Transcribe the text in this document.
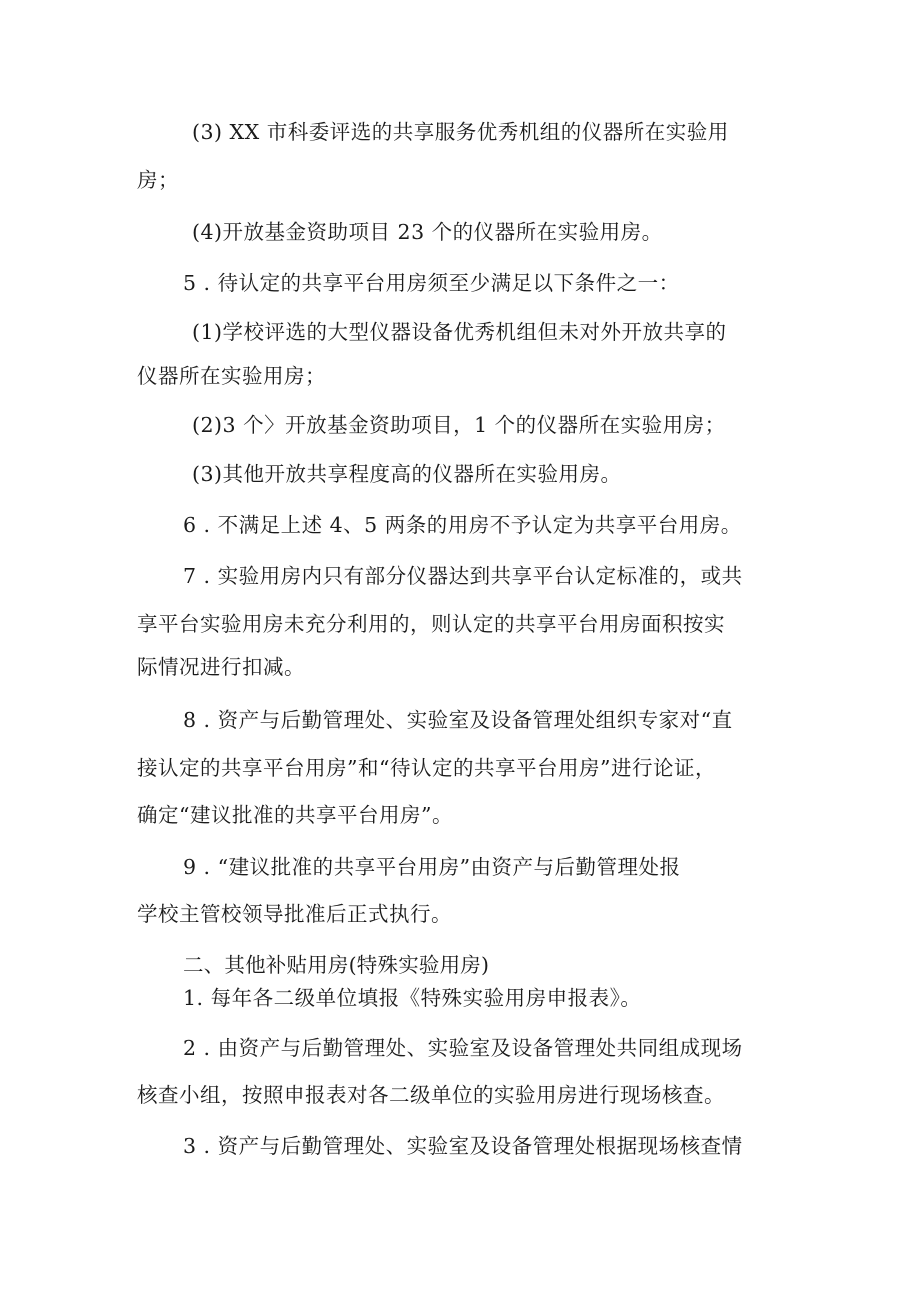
(3) XX 市科委评选的共享服务优秀机组的仪器所在实验用
房；
(4)开放基金资助项目 23 个的仪器所在实验用房。
5 . 待认定的共享平台用房须至少满足以下条件之一：
(1)学校评选的大型仪器设备优秀机组但未对外开放共享的
仪器所在实验用房；
(2)3 个〉开放基金资助项目，1 个的仪器所在实验用房；
(3)其他开放共享程度高的仪器所在实验用房。
6 . 不满足上述 4、5 两条的用房不予认定为共享平台用房。
7 . 实验用房内只有部分仪器达到共享平台认定标准的，或共
享平台实验用房未充分利用的，则认定的共享平台用房面积按实
际情况进行扣减。
8 . 资产与后勤管理处、实验室及设备管理处组织专家对“直
接认定的共享平台用房”和“待认定的共享平台用房”进行论证，
确定“建议批准的共享平台用房”。
9 . “建议批准的共享平台用房”由资产与后勤管理处报
学校主管校领导批准后正式执行。
二、其他补贴用房(特殊实验用房)
1. 每年各二级单位填报《特殊实验用房申报表》。
2 . 由资产与后勤管理处、实验室及设备管理处共同组成现场
核查小组，按照申报表对各二级单位的实验用房进行现场核查。
3 . 资产与后勤管理处、实验室及设备管理处根据现场核查情
